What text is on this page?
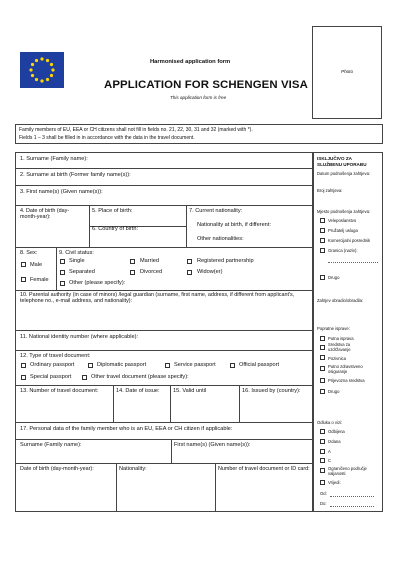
Harmonised application form
APPLICATION FOR SCHENGEN VISA
This application form is free
Photo
Family members of EU, EEA or CH citizens shall not fill in fields no. 21, 22, 30, 31 and 32 (marked with *).
Fields 1 – 3 shall be filled in in accordance with the data in the travel document.
1. Surname (Family name):
2. Surname at birth (Former family name(s)):
3. First name(s) (Given name(s)):
4. Date of birth (day-month-year):
5. Place of birth:
6. Country of birth:
7. Current nationality:
Nationality at birth, if different:
Other nationalities:
8. Sex:
Male
Female
9. Civil status:
Single	Married	Registered partnership
Separated	Divorced	Widow(er)
Other (please specify):
10. Parental authority (in case of minors) /legal guardian (surname, first name, address, if different from applicant's, telephone no., e-mail address, and nationality):
11. National identity number (where applicable):
12. Type of travel document:
Ordinary passport	Diplomatic passport	Service passport	Official passport
Special passport	Other travel document (please specify):
13. Number of travel document:	14. Date of issue: 15. Valid until	16. Issued by (country):
17. Personal data of the family member who is an EU, EEA or CH citizen if applicable:
Surname (Family name):	First name(s) (Given name(s)):
Date of birth (day-month-year):	Nationality:	Number of travel document or ID card:
ISKLJUČIVO ZA
SLUŽBENU UPORABU
Datum podnošenja zahtjeva:
Broj zahtjeva:
Mjesto podnošenja zahtjeva:
Veleposlanstvo
Pružatelj usluga
Komercijalni posrednik
Granica (naziv):
Drugo
Zahtjev obradio/obradila:
Popratne isprave:
Putna isprava
Sredstva za uzdržavanje
Pozivnica
Putno zdravstveno osiguranje
Prijevozna sredstva
Drugo
Odluka o vizi:
Odbijena
Izdana
A
C
Ograničeno područje valjanosti
Vrijedi:
Od:
Do:
